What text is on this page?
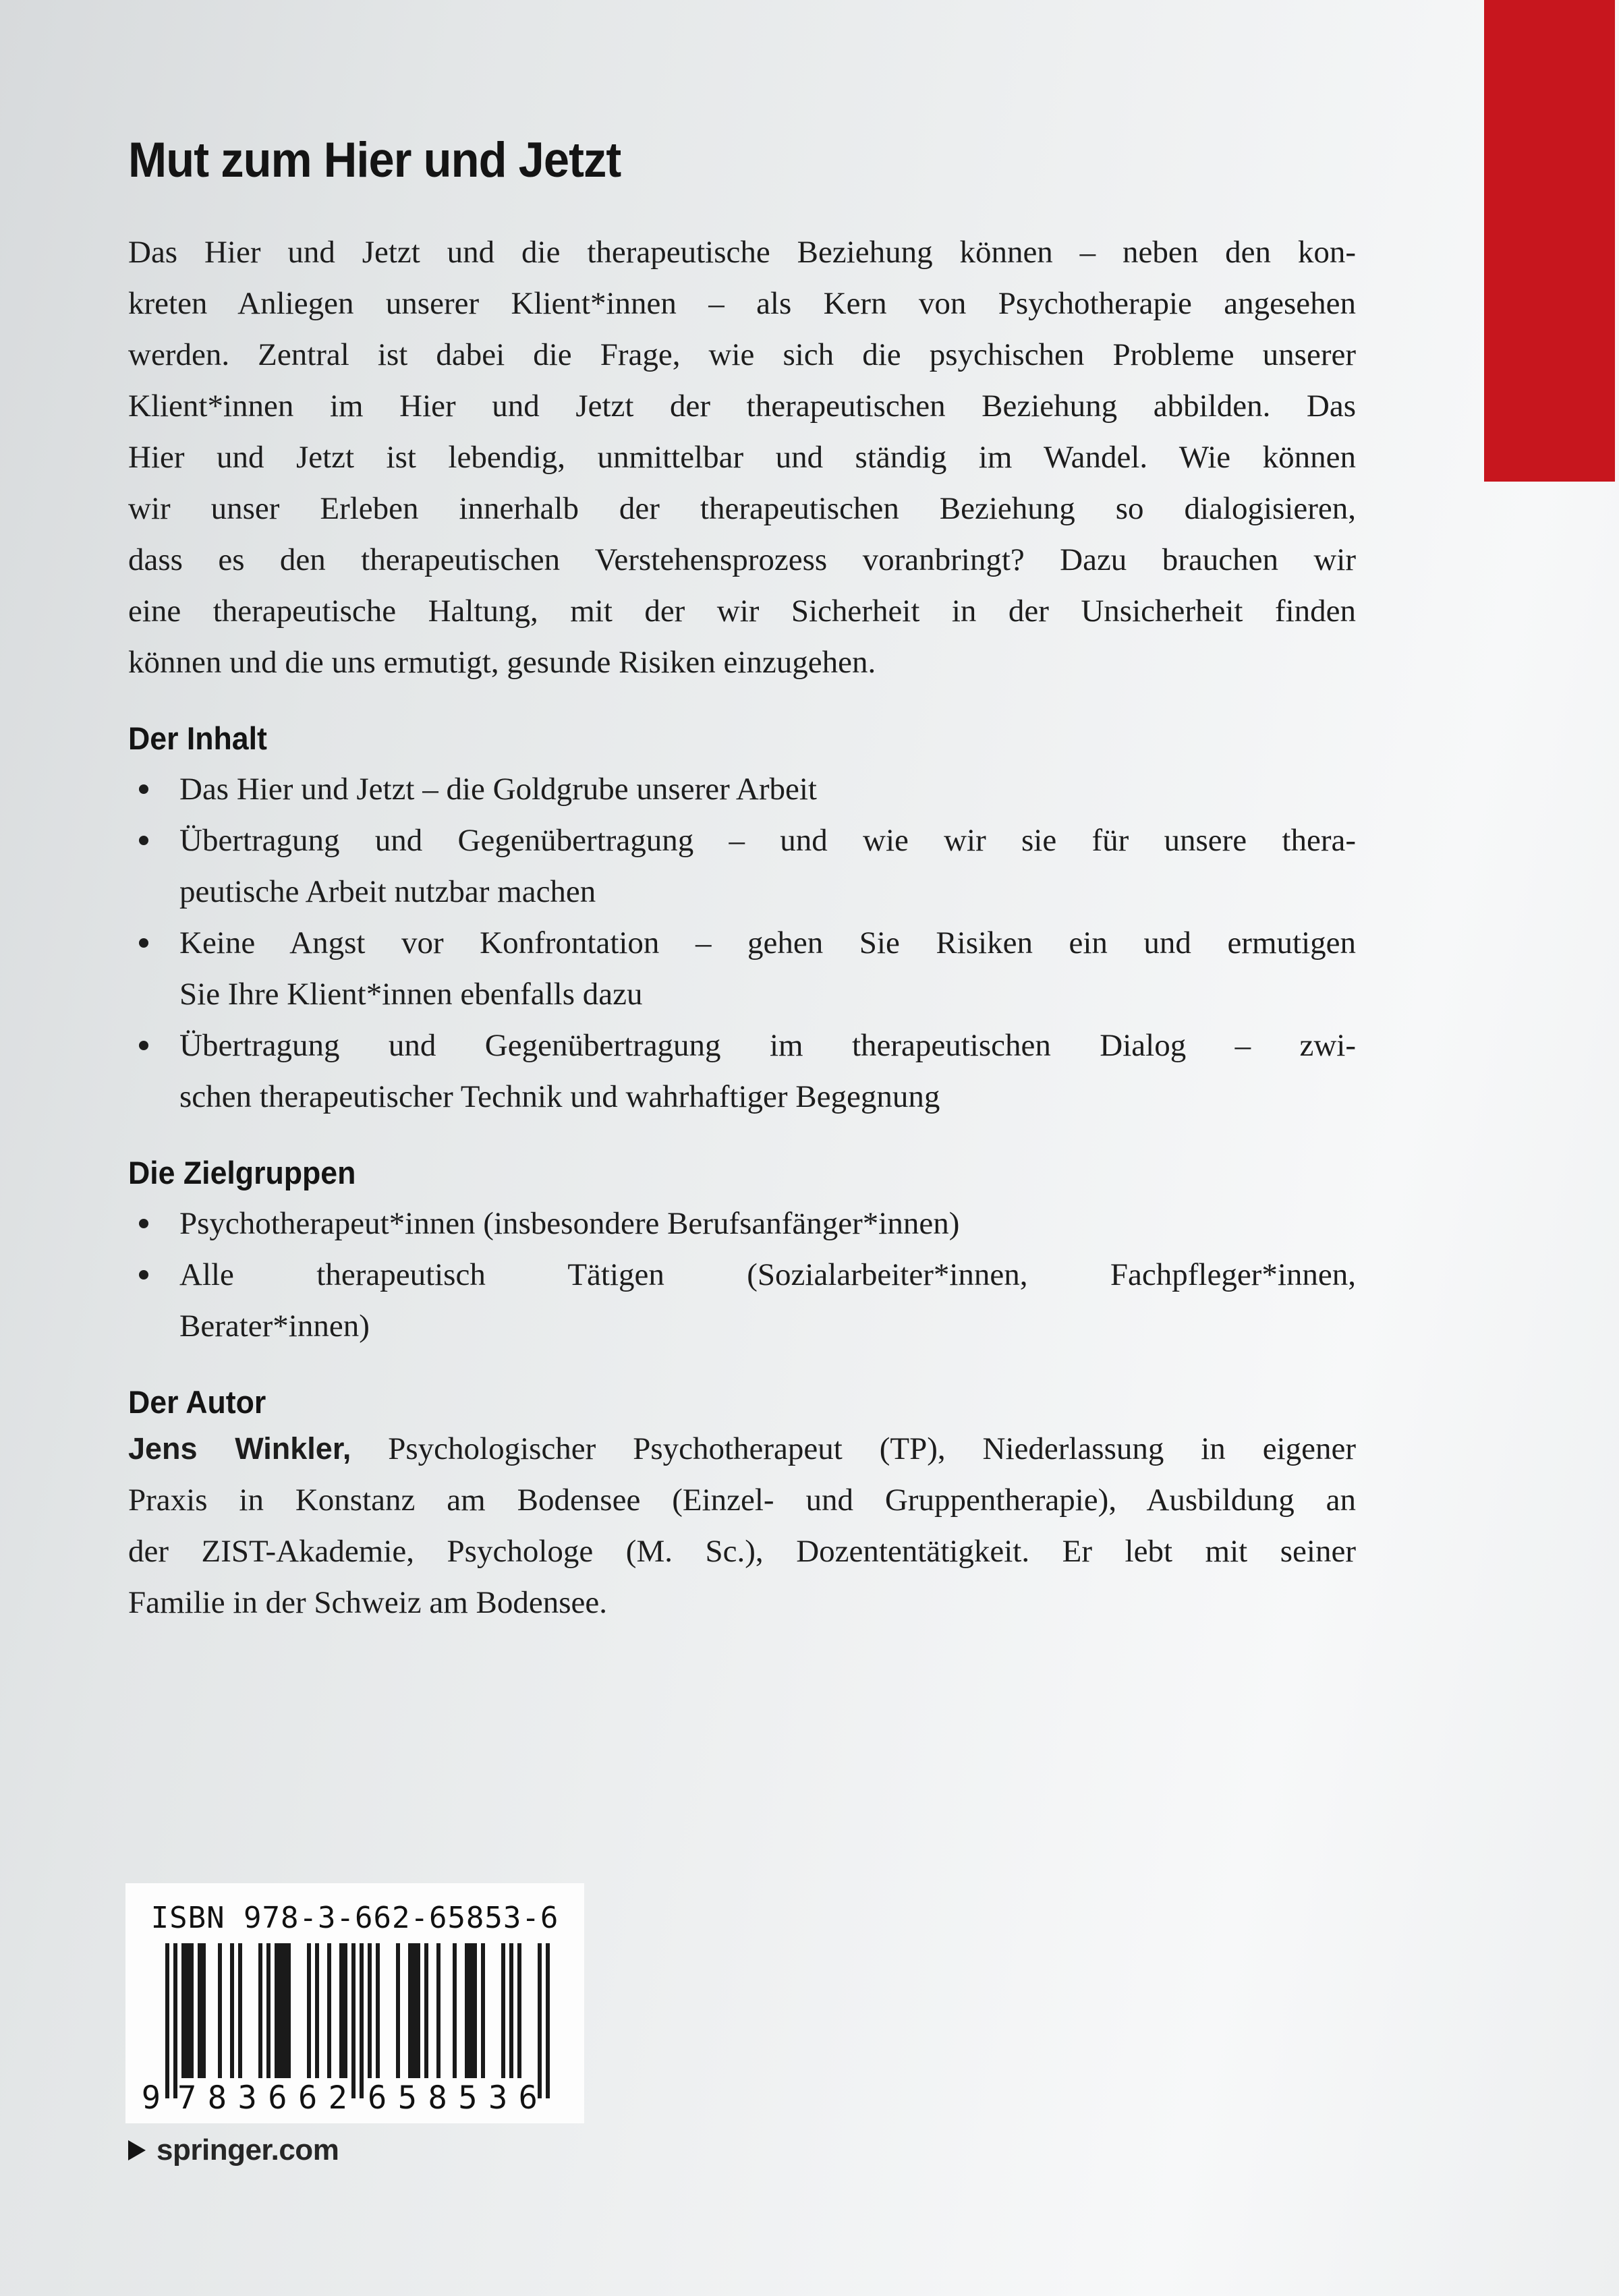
Mut zum Hier und Jetzt
Das Hier und Jetzt und die therapeutische Beziehung können – neben den kon-
kreten Anliegen unserer Klient*innen – als Kern von Psychotherapie angesehen
werden. Zentral ist dabei die Frage, wie sich die psychischen Probleme unserer
Klient*innen im Hier und Jetzt der therapeutischen Beziehung abbilden. Das
Hier und Jetzt ist lebendig, unmittelbar und ständig im Wandel. Wie können
wir unser Erleben innerhalb der therapeutischen Beziehung so dialogisieren,
dass es den therapeutischen Verstehensprozess voranbringt? Dazu brauchen wir
eine therapeutische Haltung, mit der wir Sicherheit in der Unsicherheit finden
können und die uns ermutigt, gesunde Risiken einzugehen.
Der Inhalt
Das Hier und Jetzt – die Goldgrube unserer Arbeit
Übertragung und Gegenübertragung – und wie wir sie für unsere thera-
peutische Arbeit nutzbar machen
Keine Angst vor Konfrontation – gehen Sie Risiken ein und ermutigen
Sie Ihre Klient*innen ebenfalls dazu
Übertragung und Gegenübertragung im therapeutischen Dialog – zwi-
schen therapeutischer Technik und wahrhaftiger Begegnung
Die Zielgruppen
Psychotherapeut*innen (insbesondere Berufsanfänger*innen)
Alle therapeutisch Tätigen (Sozialarbeiter*innen, Fachpfleger*innen,
Berater*innen)
Der Autor
Jens Winkler, Psychologischer Psychotherapeut (TP), Niederlassung in eigener
Praxis in Konstanz am Bodensee (Einzel- und Gruppentherapie), Ausbildung an
der ZIST-Akademie, Psychologe (M. Sc.), Dozententätigkeit. Er lebt mit seiner
Familie in der Schweiz am Bodensee.
ISBN 978-3-662-65853-6
9 7 8 3 6 6 2 6 5 8 5 3 6
springer.com
